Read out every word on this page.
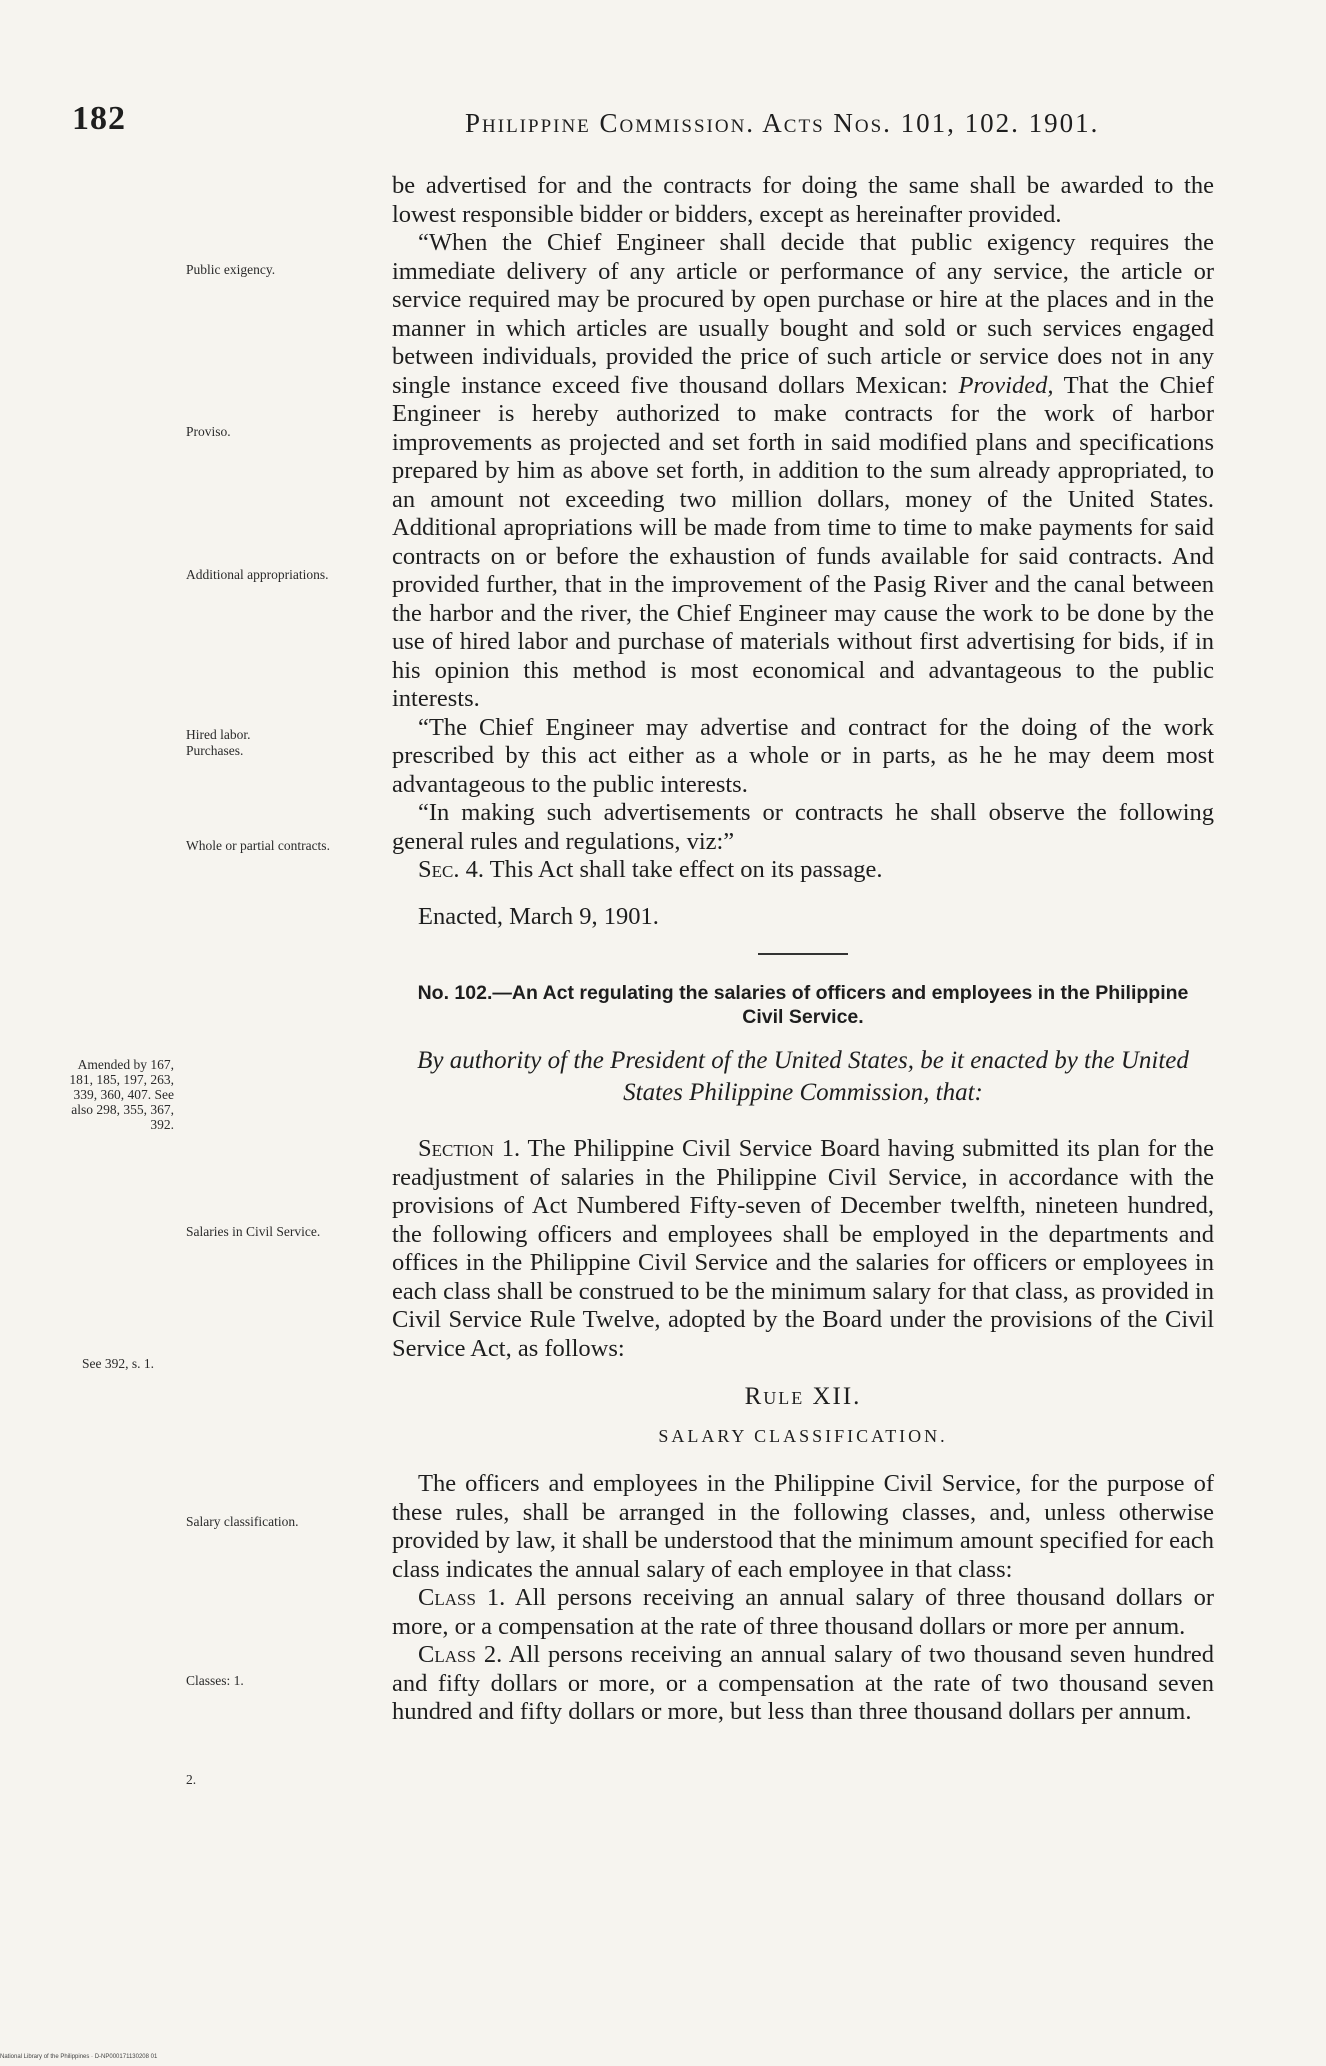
182	Philippine Commission. Acts Nos. 101, 102. 1901.

be advertised for and the contracts for doing the same shall be awarded to the lowest responsible bidder or bidders, except as hereinafter provided.

“When the Chief Engineer shall decide that public exigency requires the immediate delivery of any article or performance of any service, the article or service required may be procured by open purchase or hire at the places and in the manner in which articles are usually bought and sold or such services engaged between individuals, provided the price of such article or service does not in any single instance exceed five thousand dollars Mexican: Provided, That the Chief Engineer is hereby authorized to make contracts for the work of harbor improvements as projected and set forth in said modified plans and specifications prepared by him as above set forth, in addition to the sum already appropriated, to an amount not exceeding two million dollars, money of the United States. Additional apropriations will be made from time to time to make payments for said contracts on or before the exhaustion of funds available for said contracts. And provided further, that in the improvement of the Pasig River and the canal between the harbor and the river, the Chief Engineer may cause the work to be done by the use of hired labor and purchase of materials without first advertising for bids, if in his opinion this method is most economical and advantageous to the public interests.

“The Chief Engineer may advertise and contract for the doing of the work prescribed by this act either as a whole or in parts, as he he may deem most advantageous to the public interests.

“In making such advertisements or contracts he shall observe the following general rules and regulations, viz:”

Sec. 4. This Act shall take effect on its passage.

Enacted, March 9, 1901.

No. 102.—An Act regulating the salaries of officers and employees in the Philippine Civil Service.

By authority of the President of the United States, be it enacted by the United States Philippine Commission, that:

Section 1. The Philippine Civil Service Board having submitted its plan for the readjustment of salaries in the Philippine Civil Service, in accordance with the provisions of Act Numbered Fifty-seven of December twelfth, nineteen hundred, the following officers and employees shall be employed in the departments and offices in the Philippine Civil Service and the salaries for officers or employees in each class shall be construed to be the minimum salary for that class, as provided in Civil Service Rule Twelve, adopted by the Board under the provisions of the Civil Service Act, as follows:

Rule XII.

SALARY CLASSIFICATION.

The officers and employees in the Philippine Civil Service, for the purpose of these rules, shall be arranged in the following classes, and, unless otherwise provided by law, it shall be understood that the minimum amount specified for each class indicates the annual salary of each employee in that class:

Class 1. All persons receiving an annual salary of three thousand dollars or more, or a compensation at the rate of three thousand dollars or more per annum.

Class 2. All persons receiving an annual salary of two thousand seven hundred and fifty dollars or more, or a compensation at the rate of two thousand seven hundred and fifty dollars or more, but less than three thousand dollars per annum.

Public exigency.
Proviso.
Additional appropriations.
Hired labor. Purchases.
Whole or partial contracts.
Amended by 167, 181, 185, 197, 263, 339, 360, 407. See also 298, 355, 367, 392.
Salaries in Civil Service.
See 392, s. 1.
Salary classification.
Classes: 1.
2.
National Library of the Philippines · D-NP000171130208 01
